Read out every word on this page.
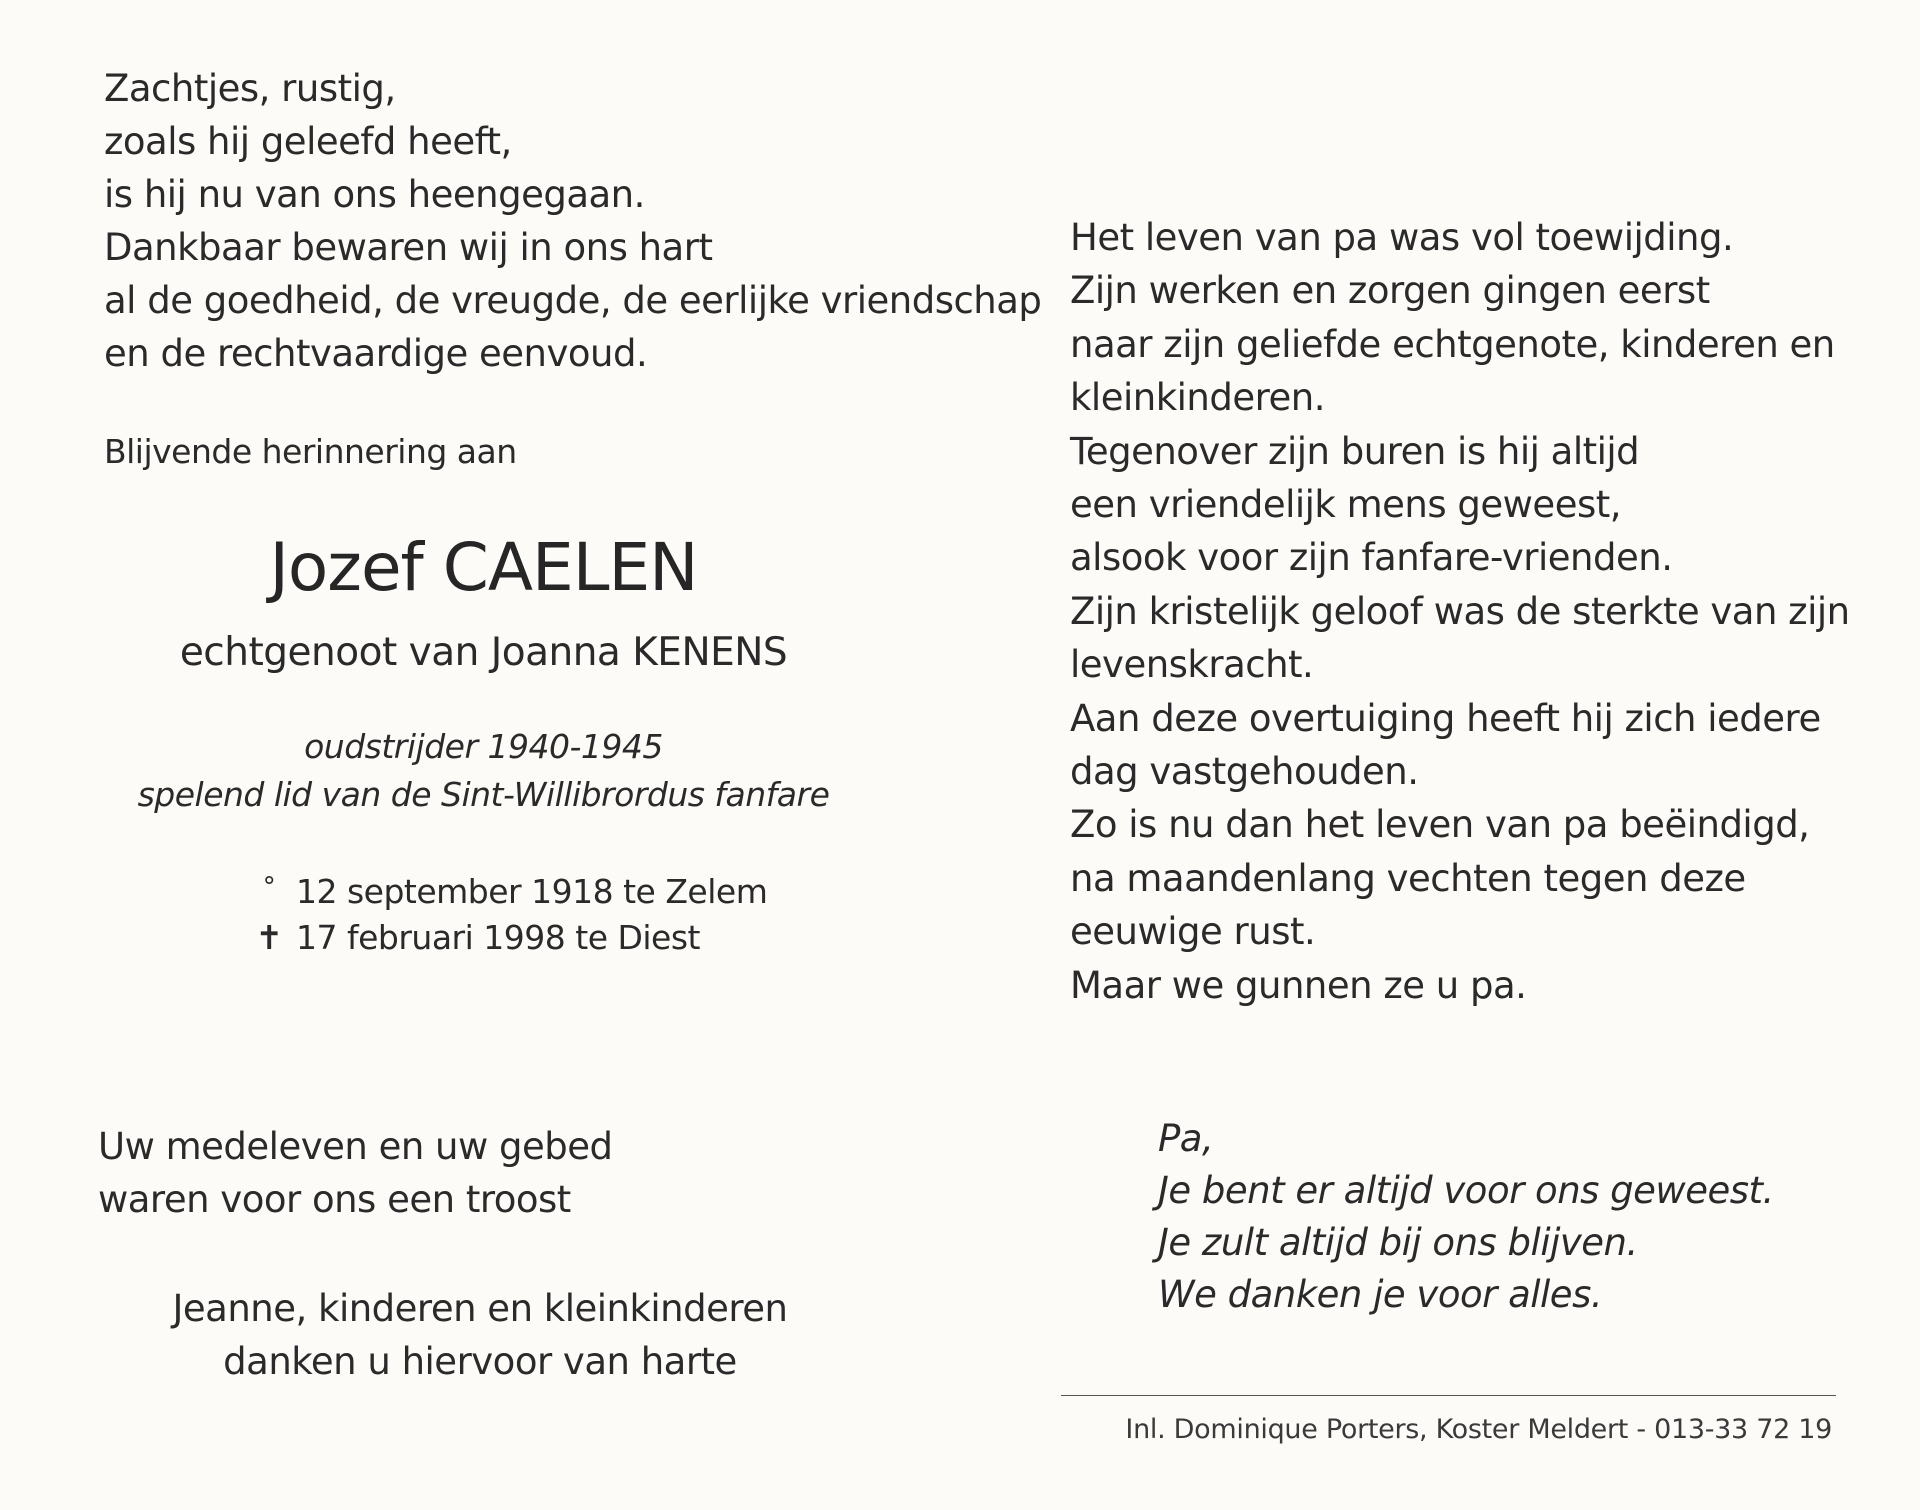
Zachtjes, rustig,
zoals hij geleefd heeft,
is hij nu van ons heengegaan.
Dankbaar bewaren wij in ons hart
al de goedheid, de vreugde, de eerlijke vriendschap
en de rechtvaardige eenvoud.

Blijvende herinnering aan

Jozef CAELEN

echtgenoot van Joanna KENENS

oudstrijder 1940-1945
spelend lid van de Sint-Willibrordus fanfare
° 12 september 1918 te Zelem
✝ 17 februari 1998 te Diest
Uw medeleven en uw gebed
waren voor ons een troost
Jeanne, kinderen en kleinkinderen
danken u hiervoor van harte
Het leven van pa was vol toewijding.
Zijn werken en zorgen gingen eerst
naar zijn geliefde echtgenote, kinderen en
kleinkinderen.
Tegenover zijn buren is hij altijd
een vriendelijk mens geweest,
alsook voor zijn fanfare-vrienden.
Zijn kristelijk geloof was de sterkte van zijn
levenskracht.
Aan deze overtuiging heeft hij zich iedere
dag vastgehouden.
Zo is nu dan het leven van pa beëindigd,
na maandenlang vechten tegen deze
eeuwige rust.
Maar we gunnen ze u pa.
Pa,
Je bent er altijd voor ons geweest.
Je zult altijd bij ons blijven.
We danken je voor alles.

Inl. Dominique Porters, Koster Meldert - 013-33 72 19
